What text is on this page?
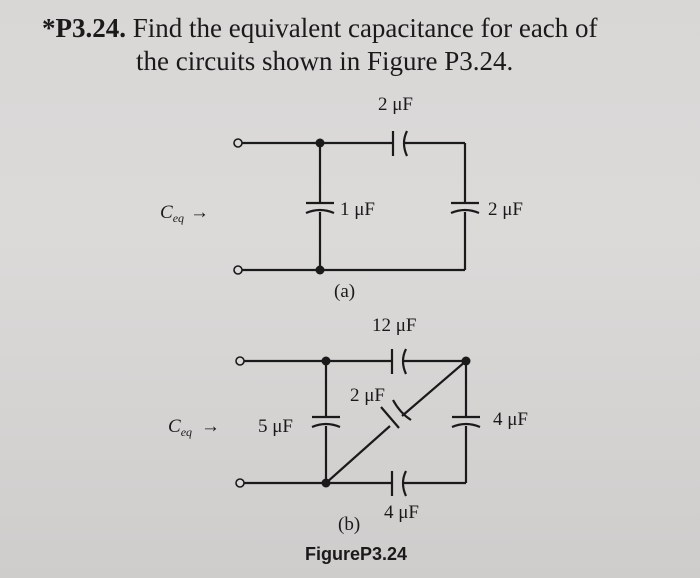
*P3.24. Find the equivalent capacitance for each of
the circuits shown in Figure P3.24.
2 μF
1 μF	2 μF
$C_{eq}$ →
(a)
12 μF
2 μF
5 μF	4 μF
4 μF
$C_{eq}$ →
(b)
FigureP3.24
